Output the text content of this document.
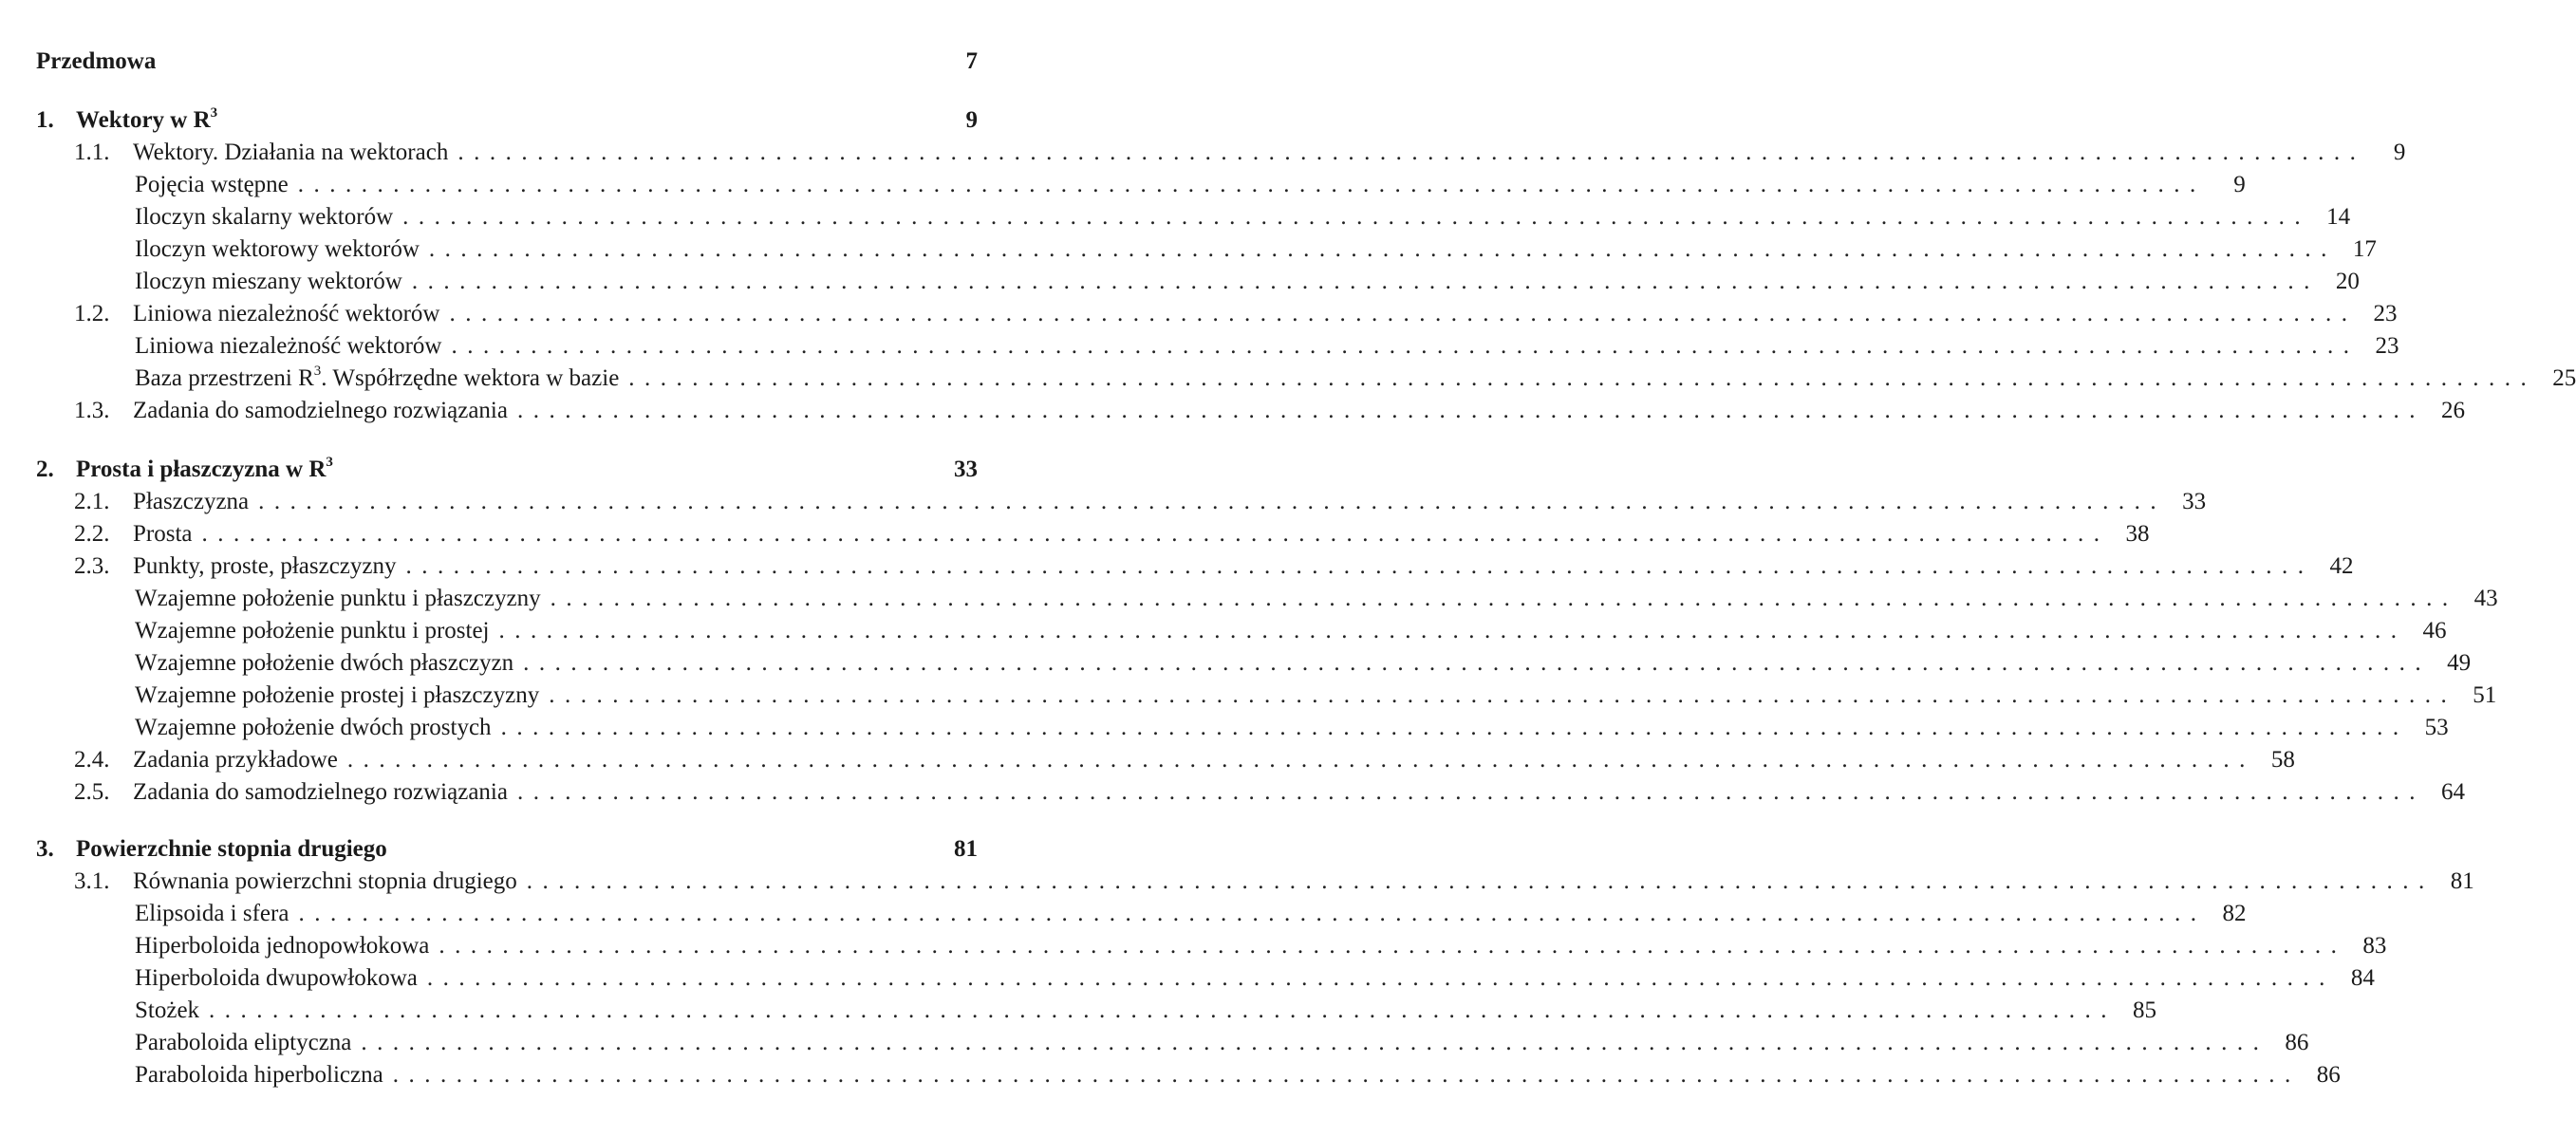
Przedmowa	7
1. Wektory w $R^3$	9
1.1. Wektory. Działania na wektorach ........................................................................................................................	9
Pojęcia wstępne ........................................................................................................................	9
Iloczyn skalarny wektorów ........................................................................................................................ 14
Iloczyn wektorowy wektorów ........................................................................................................................ 17
Iloczyn mieszany wektorów ........................................................................................................................ 20
1.2. Liniowa niezależność wektorów ........................................................................................................................ 23
Liniowa niezależność wektorów ........................................................................................................................ 23
Baza przestrzeni $R^3$. Współrzędne wektora w bazie ........................................................................................................................ 25
1.3. Zadania do samodzielnego rozwiązania ........................................................................................................................ 26
2. Prosta i płaszczyzna w $R^3$	33
2.1. Płaszczyzna ........................................................................................................................ 33
2.2. Prosta ........................................................................................................................ 38
2.3. Punkty, proste, płaszczyzny ........................................................................................................................ 42
Wzajemne położenie punktu i płaszczyzny ........................................................................................................................ 43
Wzajemne położenie punktu i prostej ........................................................................................................................ 46
Wzajemne położenie dwóch płaszczyzn ........................................................................................................................ 49
Wzajemne położenie prostej i płaszczyzny ........................................................................................................................ 51
Wzajemne położenie dwóch prostych ........................................................................................................................ 53
2.4. Zadania przykładowe ........................................................................................................................ 58
2.5. Zadania do samodzielnego rozwiązania ........................................................................................................................ 64
3. Powierzchnie stopnia drugiego	81
3.1. Równania powierzchni stopnia drugiego ........................................................................................................................ 81
Elipsoida i sfera ........................................................................................................................ 82
Hiperboloida jednopowłokowa ........................................................................................................................ 83
Hiperboloida dwupowłokowa ........................................................................................................................ 84
Stożek ........................................................................................................................ 85
Paraboloida eliptyczna ........................................................................................................................ 86
Paraboloida hiperboliczna ........................................................................................................................ 86
